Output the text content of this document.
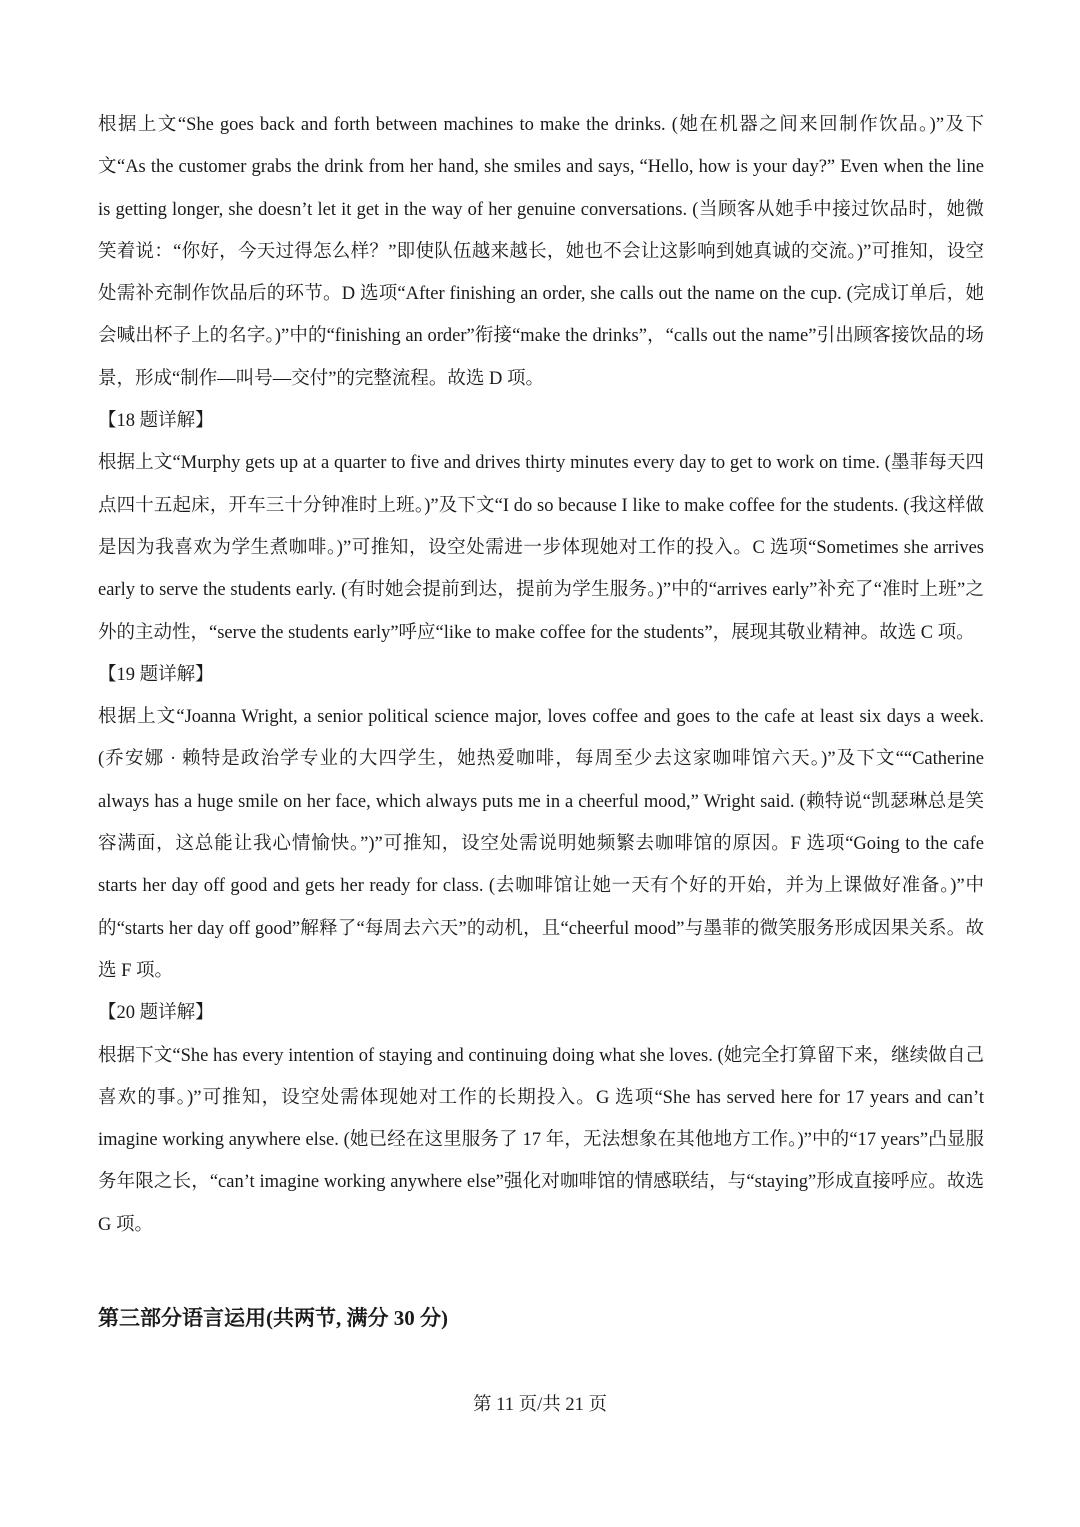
根据上文“She goes back and forth between machines to make the drinks. (她在机器之间来回制作饮品。)”及下文“As the customer grabs the drink from her hand, she smiles and says, “Hello, how is your day?” Even when the line is getting longer, she doesn’t let it get in the way of her genuine conversations. (当顾客从她手中接过饮品时，她微笑着说：“你好，今天过得怎么样？”即使队伍越来越长，她也不会让这影响到她真诚的交流。)”可推知，设空处需补充制作饮品后的环节。D 选项“After finishing an order, she calls out the name on the cup. (完成订单后，她会喊出杯子上的名字。)”中的“finishing an order”衔接“make the drinks”，“calls out the name”引出顾客接饮品的场景，形成“制作—叫号—交付”的完整流程。故选 D 项。

【18 题详解】

根据上文“Murphy gets up at a quarter to five and drives thirty minutes every day to get to work on time. (墨菲每天四点四十五起床，开车三十分钟准时上班。)”及下文“I do so because I like to make coffee for the students. (我这样做是因为我喜欢为学生煮咖啡。)”可推知，设空处需进一步体现她对工作的投入。C 选项“Sometimes she arrives early to serve the students early. (有时她会提前到达，提前为学生服务。)”中的“arrives early”补充了“准时上班”之外的主动性，“serve the students early”呼应“like to make coffee for the students”，展现其敬业精神。故选 C 项。

【19 题详解】

根据上文“Joanna Wright, a senior political science major, loves coffee and goes to the cafe at least six days a week. (乔安娜 · 赖特是政治学专业的大四学生，她热爱咖啡，每周至少去这家咖啡馆六天。)”及下文““Catherine always has a huge smile on her face, which always puts me in a cheerful mood,” Wright said. (赖特说“凯瑟琳总是笑容满面，这总能让我心情愉快。”)”可推知，设空处需说明她频繁去咖啡馆的原因。F 选项“Going to the cafe starts her day off good and gets her ready for class. (去咖啡馆让她一天有个好的开始，并为上课做好准备。)”中的“starts her day off good”解释了“每周去六天”的动机，且“cheerful mood”与墨菲的微笑服务形成因果关系。故选 F 项。

【20 题详解】

根据下文“She has every intention of staying and continuing doing what she loves. (她完全打算留下来，继续做自己喜欢的事。)”可推知，设空处需体现她对工作的长期投入。G 选项“She has served here for 17 years and can’t imagine working anywhere else. (她已经在这里服务了 17 年，无法想象在其他地方工作。)”中的“17 years”凸显服务年限之长，“can’t imagine working anywhere else”强化对咖啡馆的情感联结，与“staying”形成直接呼应。故选 G 项。

第三部分语言运用(共两节, 满分 30 分)
第 11 页/共 21 页
